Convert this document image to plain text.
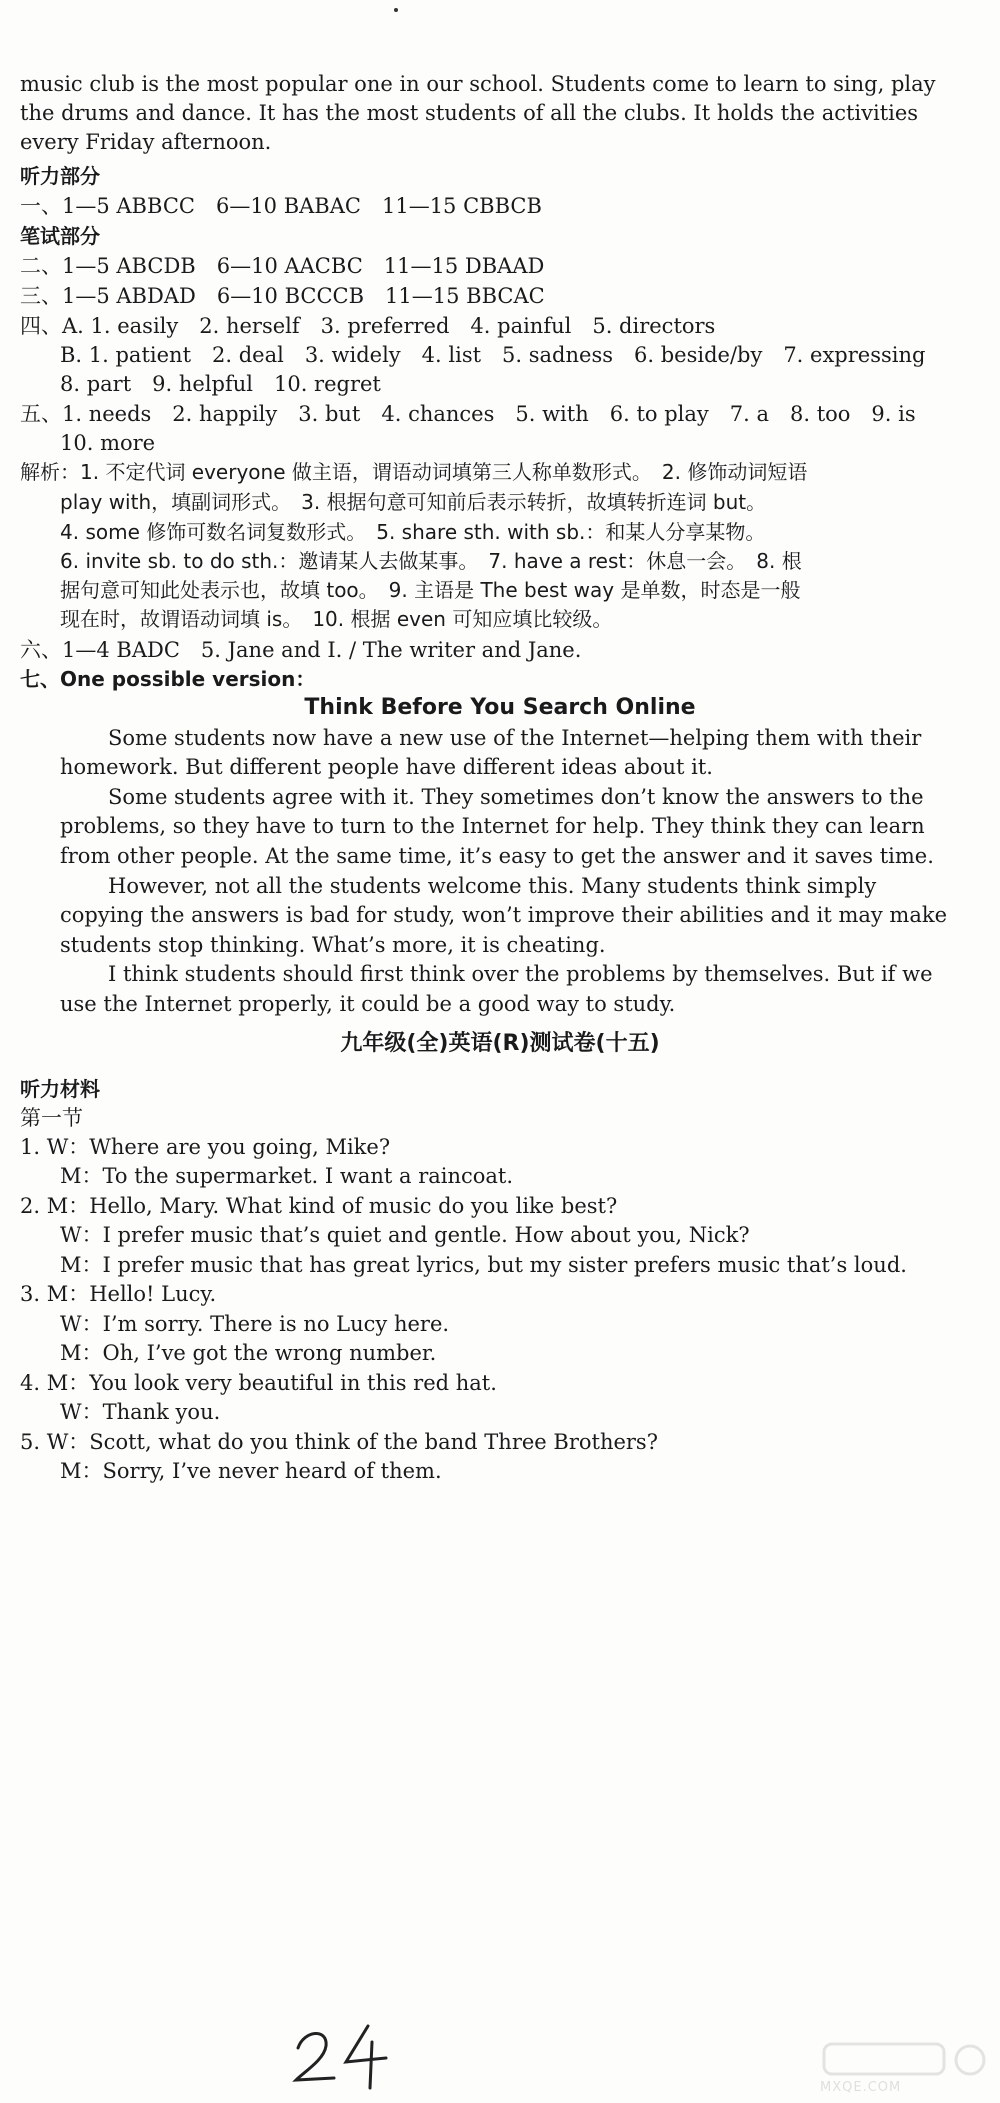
music club is the most popular one in our school. Students come to learn to sing, play
the drums and dance. It has the most students of all the clubs. It holds the activities
every Friday afternoon.
听力部分
一、1—5 ABBCC　6—10 BABAC　11—15 CBBCB
笔试部分
二、1—5 ABCDB　6—10 AACBC　11—15 DBAAD
三、1—5 ABDAD　6—10 BCCCB　11—15 BBCAC
四、A. 1. easily　2. herself　3. preferred　4. painful　5. directors
B. 1. patient　2. deal　3. widely　4. list　5. sadness　6. beside/by　7. expressing
8. part　9. helpful　10. regret
五、1. needs　2. happily　3. but　4. chances　5. with　6. to play　7. a　8. too　9. is
10. more
解析：1. 不定代词 everyone 做主语，谓语动词填第三人称单数形式。　2. 修饰动词短语
play with，填副词形式。　3. 根据句意可知前后表示转折，故填转折连词 but。
4. some 修饰可数名词复数形式。　5. share sth. with sb.：和某人分享某物。
6. invite sb. to do sth.：邀请某人去做某事。　7. have a rest：休息一会。　8. 根
据句意可知此处表示也，故填 too。　9. 主语是 The best way 是单数，时态是一般
现在时，故谓语动词填 is。　10. 根据 even 可知应填比较级。
六、1—4 BADC　5. Jane and I. / The writer and Jane.
七、One possible version：
Think Before You Search Online
Some students now have a new use of the Internet—helping them with their
homework. But different people have different ideas about it.
Some students agree with it. They sometimes don’t know the answers to the
problems, so they have to turn to the Internet for help. They think they can learn
from other people. At the same time, it’s easy to get the answer and it saves time.
However, not all the students welcome this. Many students think simply
copying the answers is bad for study, won’t improve their abilities and it may make
students stop thinking. What’s more, it is cheating.
I think students should first think over the problems by themselves. But if we
use the Internet properly, it could be a good way to study.
九年级(全)英语(R)测试卷(十五)
听力材料
第一节
1. W：Where are you going, Mike?
M：To the supermarket. I want a raincoat.
2. M：Hello, Mary. What kind of music do you like best?
W：I prefer music that’s quiet and gentle. How about you, Nick?
M：I prefer music that has great lyrics, but my sister prefers music that’s loud.
3. M：Hello! Lucy.
W：I’m sorry. There is no Lucy here.
M：Oh, I’ve got the wrong number.
4. M：You look very beautiful in this red hat.
W：Thank you.
5. W：Scott, what do you think of the band Three Brothers?
M：Sorry, I’ve never heard of them.
MXQE.COM
